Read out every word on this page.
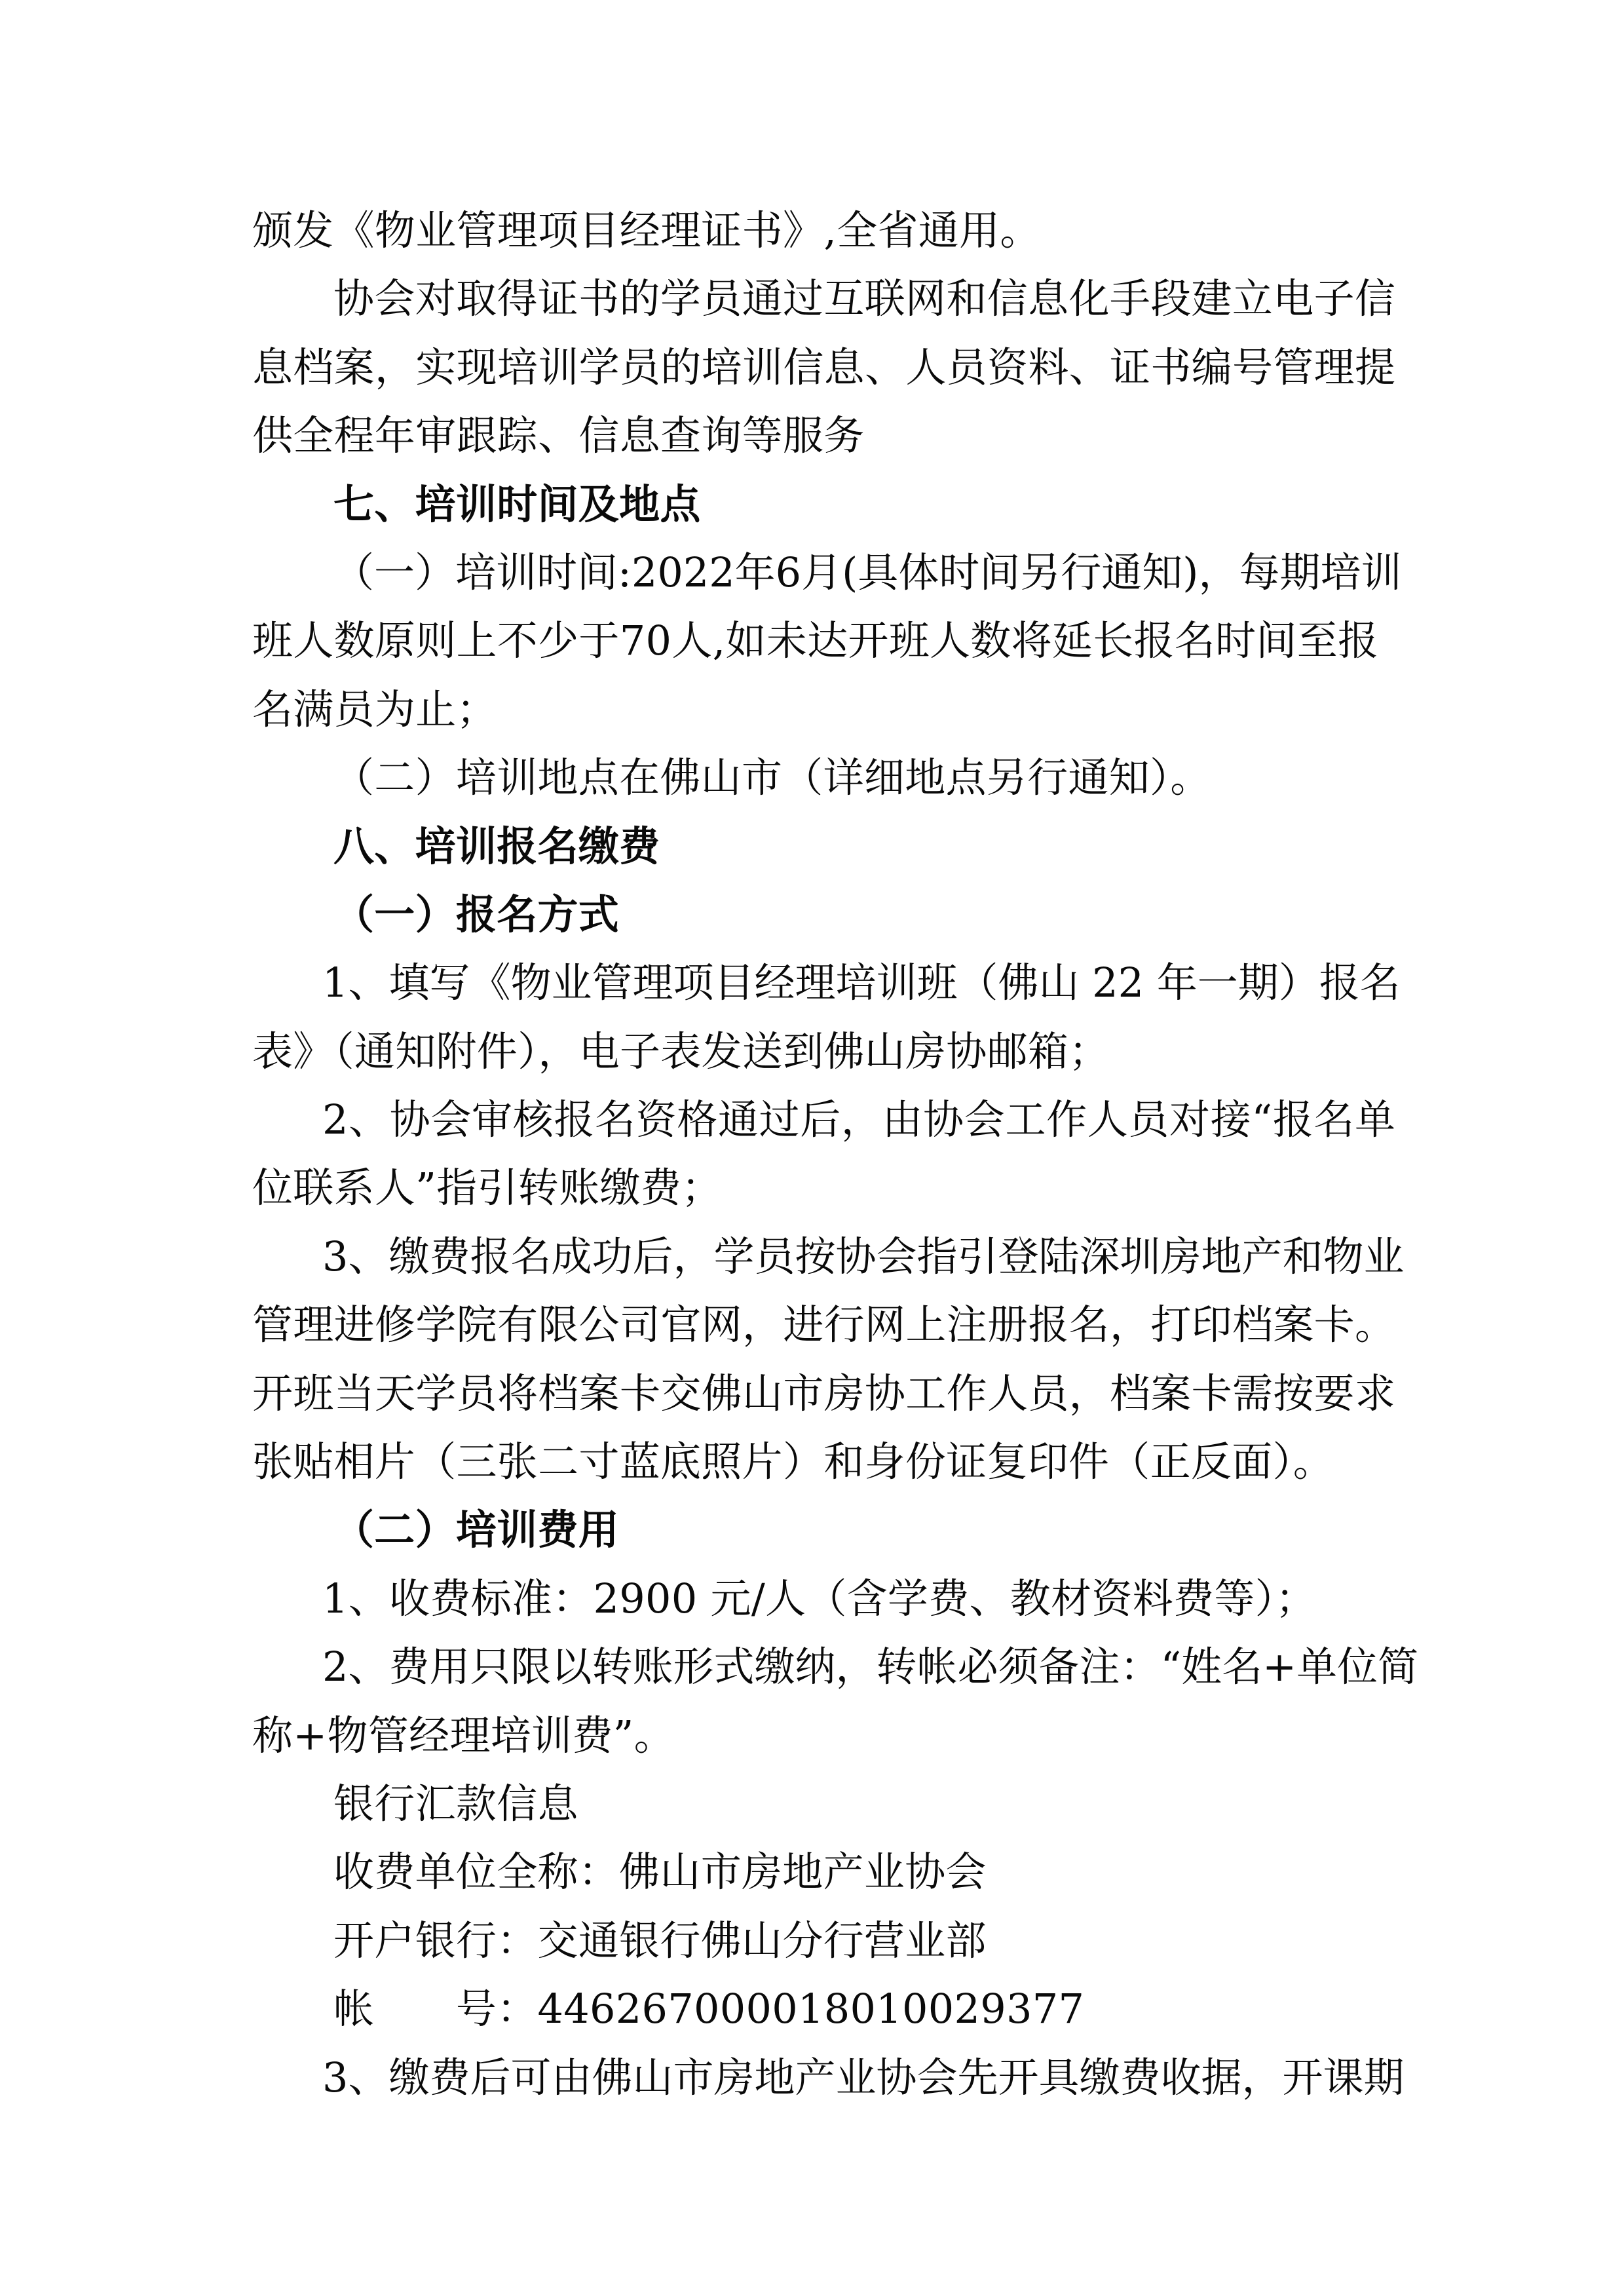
颁发《物业管理项目经理证书》,全省通用。
协会对取得证书的学员通过互联网和信息化手段建立电子信
息档案，实现培训学员的培训信息、人员资料、证书编号管理提
供全程年审跟踪、信息查询等服务
七、培训时间及地点
（一）培训时间:2022年6月(具体时间另行通知)，每期培训
班人数原则上不少于70人,如未达开班人数将延长报名时间至报
名满员为止；
（二）培训地点在佛山市（详细地点另行通知）。
八、培训报名缴费
（一）报名方式
1、填写《物业管理项目经理培训班（佛山 22 年一期）报名
表》（通知附件），电子表发送到佛山房协邮箱；
2、协会审核报名资格通过后，由协会工作人员对接“报名单
位联系人”指引转账缴费；
3、缴费报名成功后，学员按协会指引登陆深圳房地产和物业
管理进修学院有限公司官网，进行网上注册报名，打印档案卡。
开班当天学员将档案卡交佛山市房协工作人员，档案卡需按要求
张贴相片（三张二寸蓝底照片）和身份证复印件（正反面）。
（二）培训费用
1、收费标准：2900 元/人（含学费、教材资料费等）；
2、费用只限以转账形式缴纳，转帐必须备注：“姓名+单位简
称+物管经理培训费”。
银行汇款信息
收费单位全称：佛山市房地产业协会
开户银行：交通银行佛山分行营业部
帐　　号：446267000018010029377
3、缴费后可由佛山市房地产业协会先开具缴费收据，开课期
